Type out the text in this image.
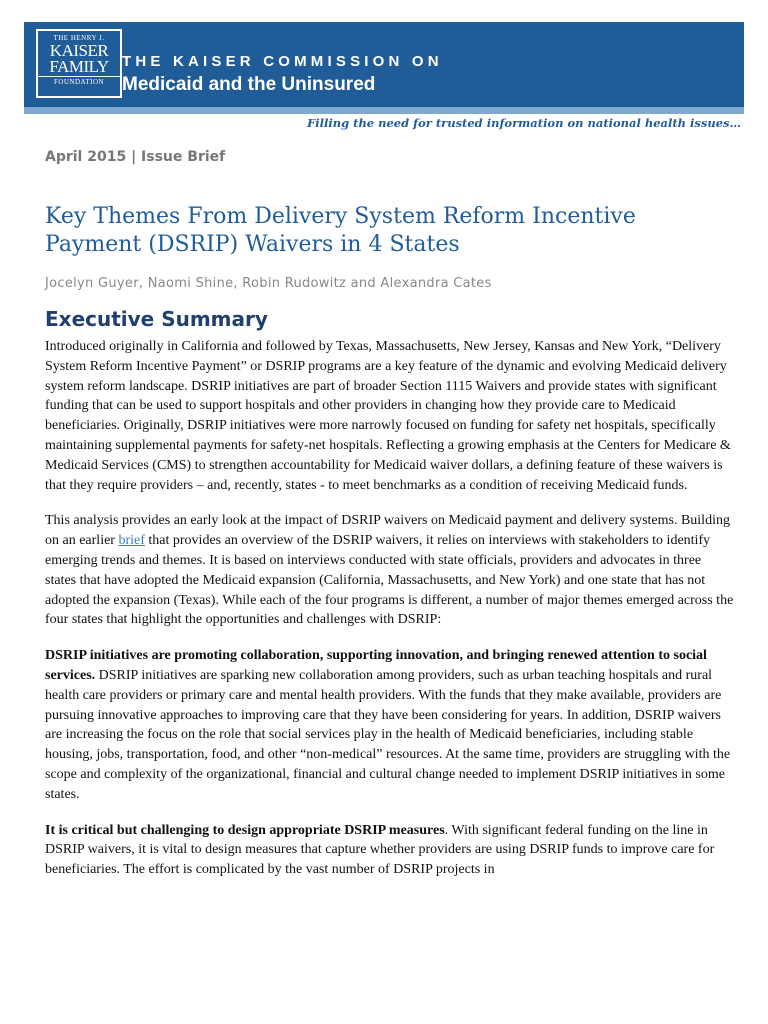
THE HENRY J.
KAISER
FAMILY
FOUNDATION
THE KAISER COMMISSION ON
Medicaid and the Uninsured
Filling the need for trusted information on national health issues…
April 2015 | Issue Brief
Key Themes From Delivery System Reform Incentive Payment (DSRIP) Waivers in 4 States
Jocelyn Guyer, Naomi Shine, Robin Rudowitz and Alexandra Cates
Executive Summary

Introduced originally in California and followed by Texas, Massachusetts, New Jersey, Kansas and New York, “Delivery System Reform Incentive Payment” or DSRIP programs are a key feature of the dynamic and evolving Medicaid delivery system reform landscape. DSRIP initiatives are part of broader Section 1115 Waivers and provide states with significant funding that can be used to support hospitals and other providers in changing how they provide care to Medicaid beneficiaries. Originally, DSRIP initiatives were more narrowly focused on funding for safety net hospitals, specifically maintaining supplemental payments for safety-net hospitals. Reflecting a growing emphasis at the Centers for Medicare & Medicaid Services (CMS) to strengthen accountability for Medicaid waiver dollars, a defining feature of these waivers is that they require providers – and, recently, states - to meet benchmarks as a condition of receiving Medicaid funds.

This analysis provides an early look at the impact of DSRIP waivers on Medicaid payment and delivery systems. Building on an earlier brief that provides an overview of the DSRIP waivers, it relies on interviews with stakeholders to identify emerging trends and themes. It is based on interviews conducted with state officials, providers and advocates in three states that have adopted the Medicaid expansion (California, Massachusetts, and New York) and one state that has not adopted the expansion (Texas). While each of the four programs is different, a number of major themes emerged across the four states that highlight the opportunities and challenges with DSRIP:

DSRIP initiatives are promoting collaboration, supporting innovation, and bringing renewed attention to social services. DSRIP initiatives are sparking new collaboration among providers, such as urban teaching hospitals and rural health care providers or primary care and mental health providers. With the funds that they make available, providers are pursuing innovative approaches to improving care that they have been considering for years. In addition, DSRIP waivers are increasing the focus on the role that social services play in the health of Medicaid beneficiaries, including stable housing, jobs, transportation, food, and other “non-medical” resources. At the same time, providers are struggling with the scope and complexity of the organizational, financial and cultural change needed to implement DSRIP initiatives in some states.

It is critical but challenging to design appropriate DSRIP measures. With significant federal funding on the line in DSRIP waivers, it is vital to design measures that capture whether providers are using DSRIP funds to improve care for beneficiaries. The effort is complicated by the vast number of DSRIP projects in
